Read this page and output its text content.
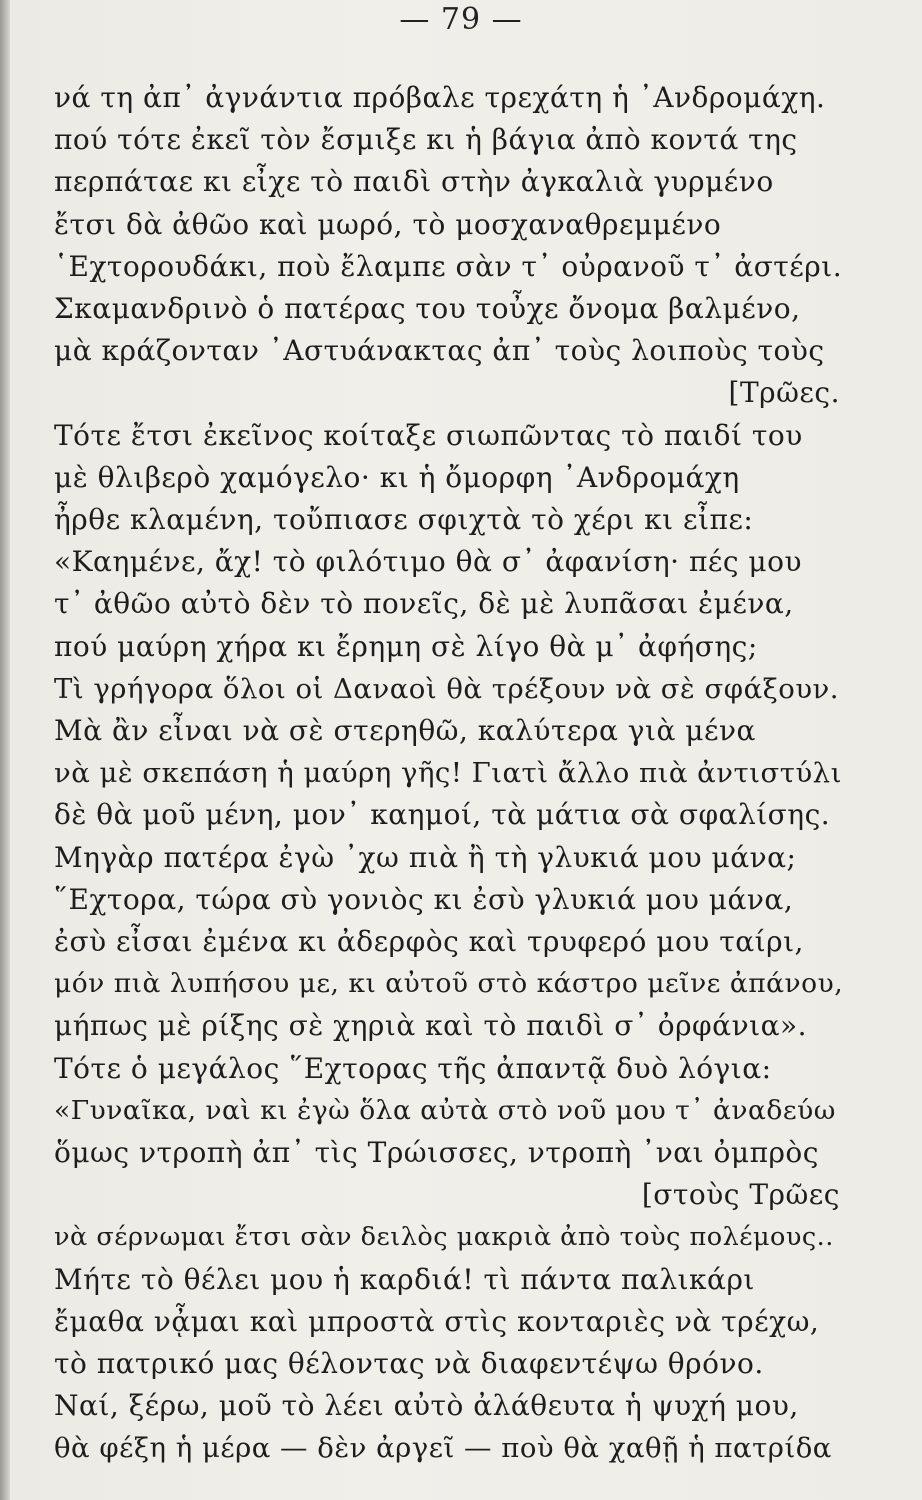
— 79 —
νά τη ἀπ᾽ ἀγνάντια πρόβαλε τρεχάτη ἡ ᾽Ανδρομάχη.
πού τότε ἐκεῖ τὸν ἔσμιξε κι ἡ βάγια ἀπὸ κοντά της
περπάταε κι εἶχε τὸ παιδὶ στὴν ἀγκαλιὰ γυρμένο
ἔτσι δὰ ἀθῶο καὶ μωρό, τὸ μοσχαναθρεμμένο
῾Εχτορουδάκι, ποὺ ἔλαμπε σὰν τ᾽ οὐρανοῦ τ᾽ ἀστέρι.
Σκαμανδρινὸ ὁ πατέρας του τοὖχε ὄνομα βαλμένο,
μὰ κράζονταν ᾽Αστυάνακτας ἀπ᾽ τοὺς λοιποὺς τοὺς
[Τρῶες.
Τότε ἔτσι ἐκεῖνος κοίταξε σιωπῶντας τὸ παιδί του
μὲ θλιβερὸ χαμόγελο· κι ἡ ὄμορφη ᾽Ανδρομάχη
ἦρθε κλαμένη, τοὔπιασε σφιχτὰ τὸ χέρι κι εἶπε:
«Καημένε, ἄχ! τὸ φιλότιμο θὰ σ᾽ ἀφανίση· πές μου
τ᾽ ἀθῶο αὐτὸ δὲν τὸ πονεῖς, δὲ μὲ λυπᾶσαι ἐμένα,
πού μαύρη χήρα κι ἔρημη σὲ λίγο θὰ μ᾽ ἀφήσης;
Τὶ γρήγορα ὅλοι οἱ Δαναοὶ θὰ τρέξουν νὰ σὲ σφάξουν.
Μὰ ἂν εἶναι νὰ σὲ στερηθῶ, καλύτερα γιὰ μένα
νὰ μὲ σκεπάση ἡ μαύρη γῆς! Γιατὶ ἄλλο πιὰ ἀντιστύλι
δὲ θὰ μοῦ μένη, μον᾽ καημοί, τὰ μάτια σὰ σφαλίσης.
Μηγὰρ πατέρα ἐγὼ ᾽χω πιὰ ἢ τὴ γλυκιά μου μάνα;
῞Εχτορα, τώρα σὺ γονιὸς κι ἐσὺ γλυκιά μου μάνα,
ἐσὺ εἶσαι ἐμένα κι ἀδερφὸς καὶ τρυφερό μου ταίρι,
μόν πιὰ λυπήσου με, κι αὐτοῦ στὸ κάστρο μεῖνε ἀπάνου,
μήπως μὲ ρίξης σὲ χηριὰ καὶ τὸ παιδὶ σ᾽ ὀρφάνια».
Τότε ὁ μεγάλος ῞Εχτορας τῆς ἀπαντᾷ δυὸ λόγια:
«Γυναῖκα, ναὶ κι ἐγὼ ὅλα αὐτὰ στὸ νοῦ μου τ᾽ ἀναδεύω
ὅμως ντροπὴ ἀπ᾽ τὶς Τρώισσες, ντροπὴ ᾽ναι ὀμπρὸς
[στοὺς Τρῶες
νὰ σέρνωμαι ἔτσι σὰν δειλὸς μακριὰ ἀπὸ τοὺς πολέμους..
Μήτε τὸ θέλει μου ἡ καρδιά! τὶ πάντα παλικάρι
ἔμαθα νᾆμαι καὶ μπροστὰ στὶς κονταριὲς νὰ τρέχω,
τὸ πατρικό μας θέλοντας νὰ διαφεντέψω θρόνο.
Ναί, ξέρω, μοῦ τὸ λέει αὐτὸ ἀλάθευτα ἡ ψυχή μου,
θὰ φέξη ἡ μέρα — δὲν ἀργεῖ — ποὺ θὰ χαθῇ ἡ πατρίδα
